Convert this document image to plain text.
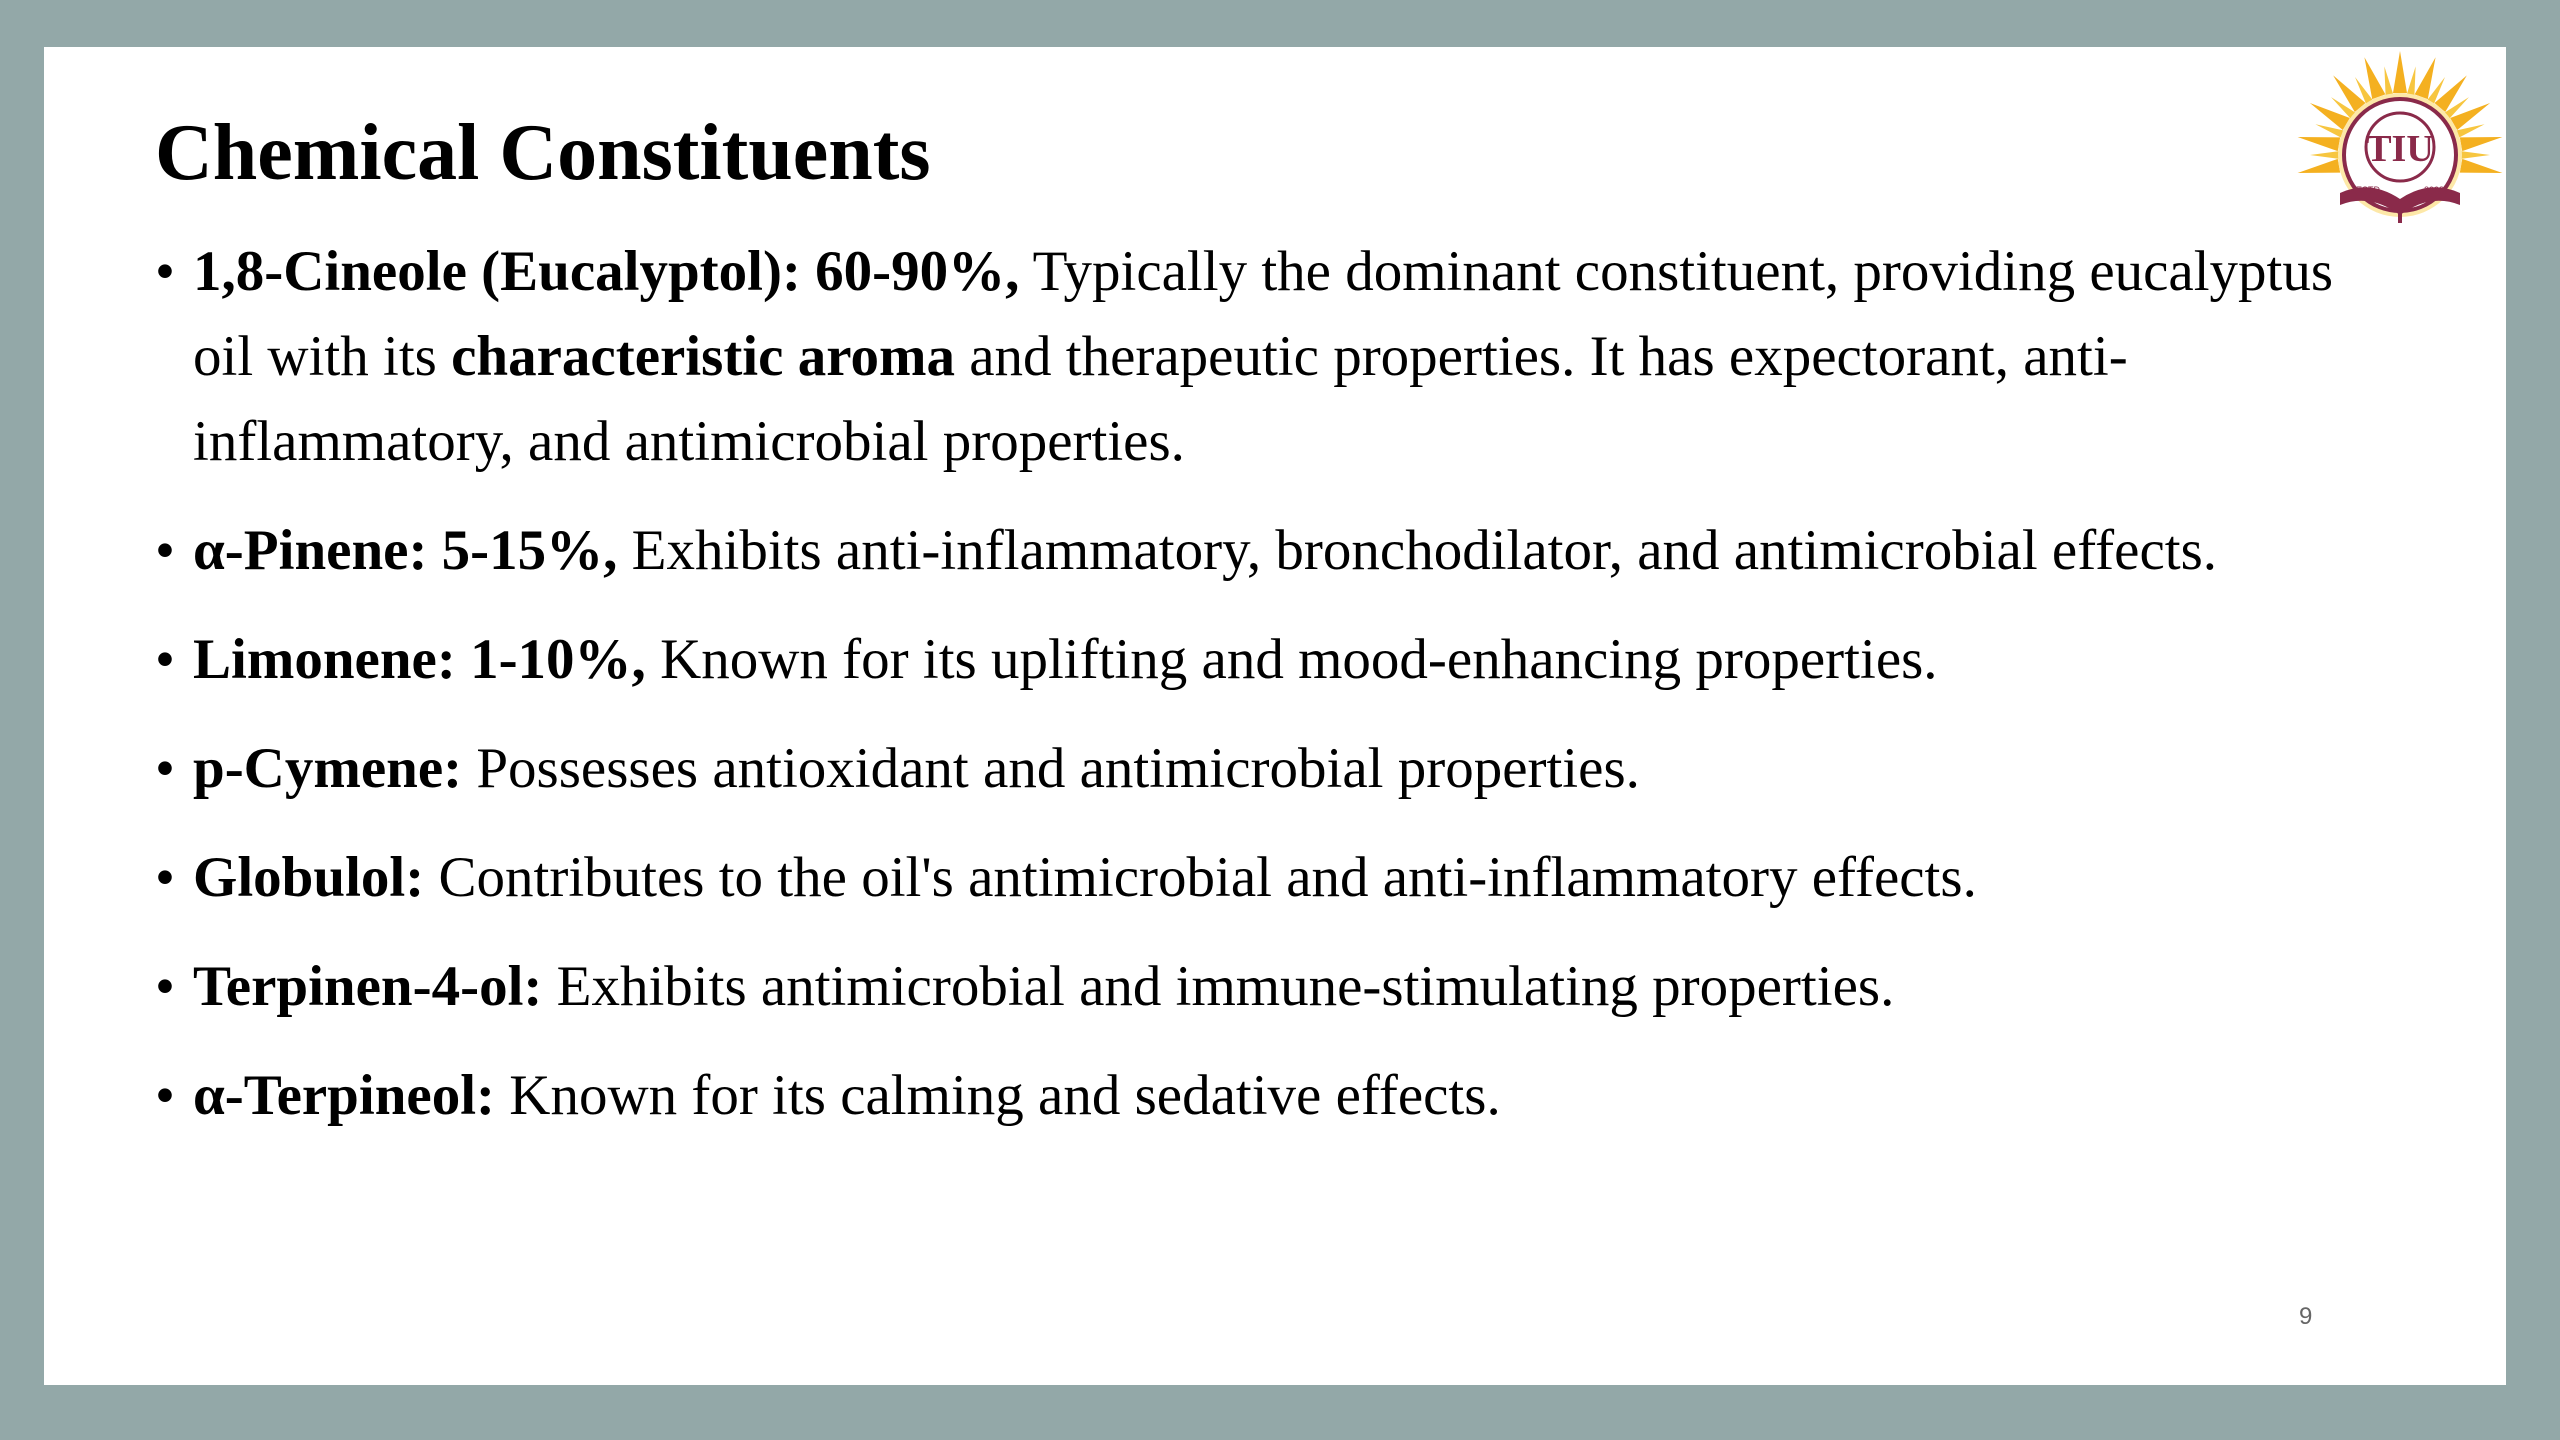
Chemical Constituents	TIU
• 1,8-Cineole (Eucalyptol): 60-90%, Typically the dominant constituent, providing eucalyptus oil with its characteristic aroma and therapeutic properties. It has expectorant, anti-inflammatory, and antimicrobial properties.
• α-Pinene: 5-15%, Exhibits anti-inflammatory, bronchodilator, and antimicrobial effects.
• Limonene: 1-10%, Known for its uplifting and mood-enhancing properties.
• p-Cymene: Possesses antioxidant and antimicrobial properties.
• Globulol: Contributes to the oil's antimicrobial and anti-inflammatory effects.
• Terpinen-4-ol: Exhibits antimicrobial and immune-stimulating properties.
• α-Terpineol: Known for its calming and sedative effects.
9
